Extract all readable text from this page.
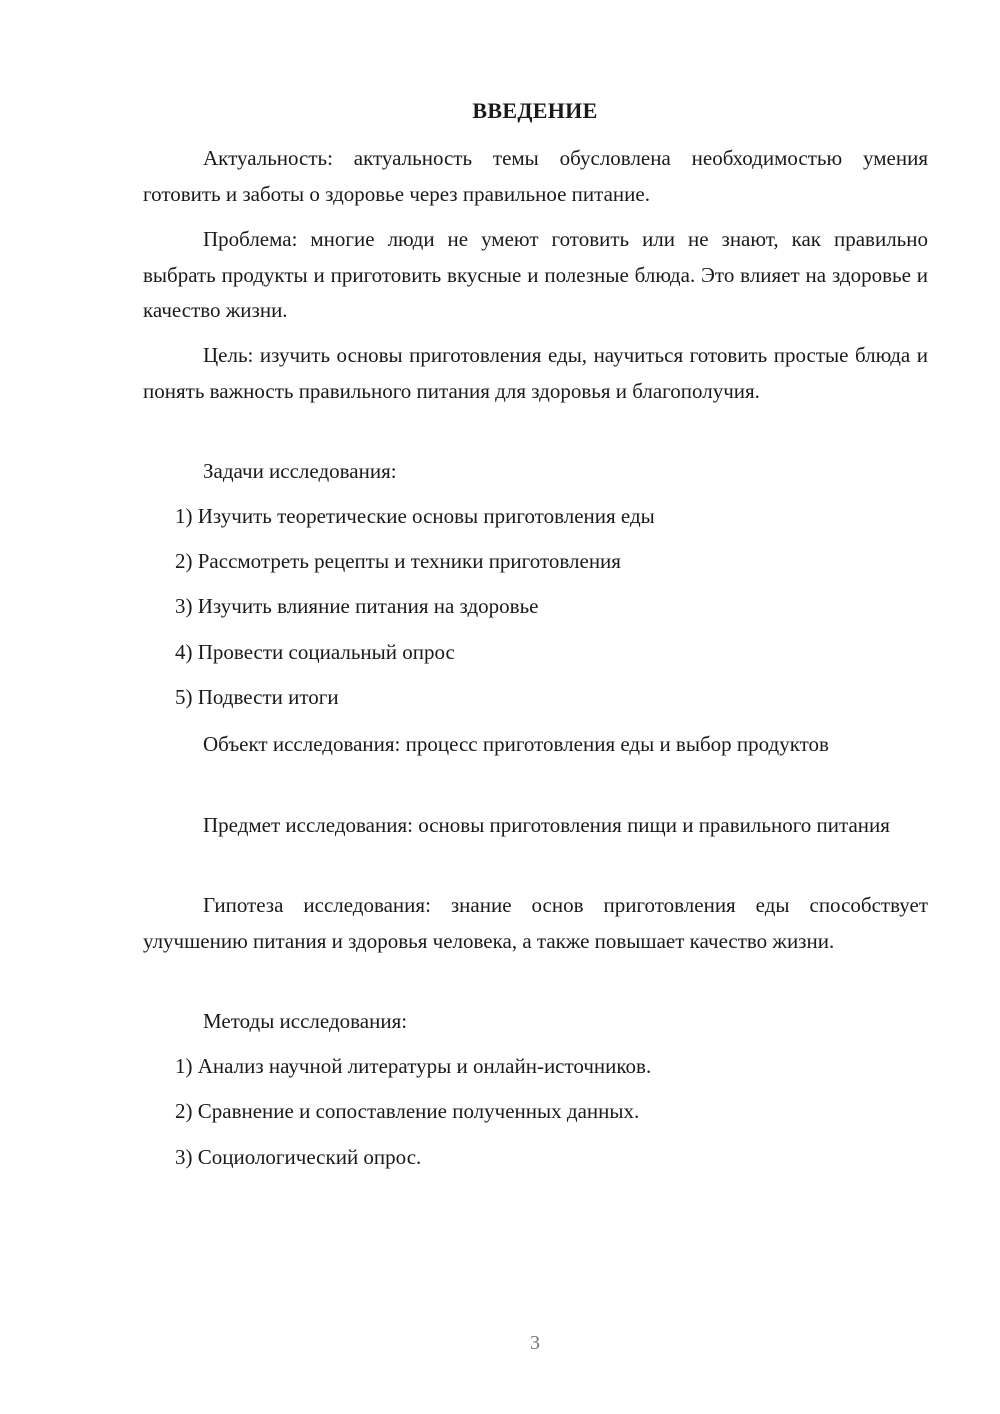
ВВЕДЕНИЕ

Актуальность: актуальность темы обусловлена необходимостью умения готовить и заботы о здоровье через правильное питание.

Проблема: многие люди не умеют готовить или не знают, как правильно выбрать продукты и приготовить вкусные и полезные блюда. Это влияет на здоровье и качество жизни.

Цель: изучить основы приготовления еды, научиться готовить простые блюда и понять важность правильного питания для здоровья и благополучия.

Задачи исследования:

1) Изучить теоретические основы приготовления еды
2) Рассмотреть рецепты и техники приготовления
3) Изучить влияние питания на здоровье
4) Провести социальный опрос
5) Подвести итоги

Объект исследования: процесс приготовления еды и выбор продуктов

Предмет исследования: основы приготовления пищи и правильного питания

Гипотеза исследования: знание основ приготовления еды способствует улучшению питания и здоровья человека, а также повышает качество жизни.

Методы исследования:

1) Анализ научной литературы и онлайн-источников.
2) Сравнение и сопоставление полученных данных.
3) Социологический опрос.
3
